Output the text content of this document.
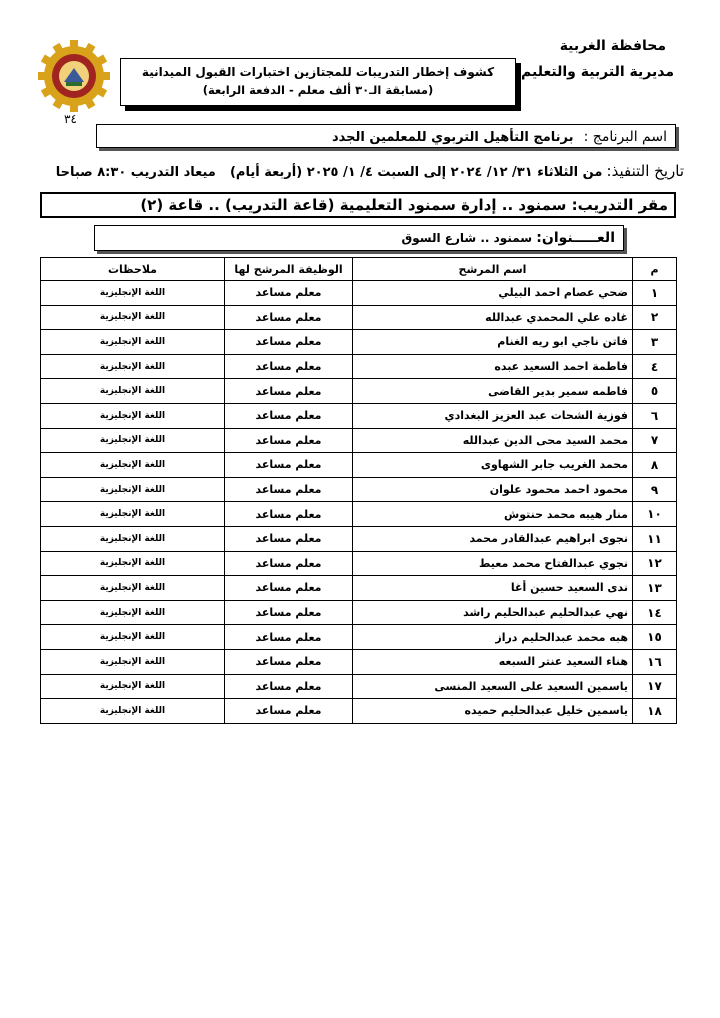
محافظة الغربية
مديرية التربية والتعليم
كشوف إخطار التدريبات للمجتازين اختبارات القبول الميدانية
(مسابقة الـ٣٠ ألف معلم - الدفعة الرابعة)
٣٤
اسم البرنامج : برنامج التأهيل التربوي للمعلمين الجدد
تاريخ التنفيذ: من الثلاثاء ٣١/ ١٢/ ٢٠٢٤ إلى السبت ٤/ ١/ ٢٠٢٥ (أربعة أيام) ميعاد التدريب ٨:٣٠ صباحا
مقر التدريب: سمنود .. إدارة سمنود التعليمية (قاعة التدريب) .. قاعة (٢)
العـــــنوان: سمنود .. شارع السوق
م	اسم المرشح	الوظيفة المرشح لها	ملاحظات
١	ضحي عصام احمد البيلي	معلم مساعد	اللغة الإنجليزية
٢	غاده علي المحمدي عبدالله	معلم مساعد	اللغة الإنجليزية
٣	فاتن ناجي ابو ريه الغنام	معلم مساعد	اللغة الإنجليزية
٤	فاطمة احمد السعيد عبده	معلم مساعد	اللغة الإنجليزية
٥	فاطمه سمير بدير القاضى	معلم مساعد	اللغة الإنجليزية
٦	فوزية الشحات عبد العزيز البغدادي	معلم مساعد	اللغة الإنجليزية
٧	محمد السيد محى الدين عبدالله	معلم مساعد	اللغة الإنجليزية
٨	محمد الغريب جابر الشهاوى	معلم مساعد	اللغة الإنجليزية
٩	محمود احمد محمود علوان	معلم مساعد	اللغة الإنجليزية
١٠	منار هيبه محمد حنتوش	معلم مساعد	اللغة الإنجليزية
١١	نجوى ابراهيم عبدالقادر محمد	معلم مساعد	اللغة الإنجليزية
١٢	نجوي عبدالفتاح محمد معيط	معلم مساعد	اللغة الإنجليزية
١٣	ندى السعيد حسين أغا	معلم مساعد	اللغة الإنجليزية
١٤	نهي عبدالحليم عبدالحليم راشد	معلم مساعد	اللغة الإنجليزية
١٥	هبه محمد عبدالحليم دراز	معلم مساعد	اللغة الإنجليزية
١٦	هناء السعيد عنتر السبعه	معلم مساعد	اللغة الإنجليزية
١٧	ياسمين السعيد على السعيد المنسى	معلم مساعد	اللغة الإنجليزية
١٨	ياسمين خليل عبدالحليم حميده	معلم مساعد	اللغة الإنجليزية
